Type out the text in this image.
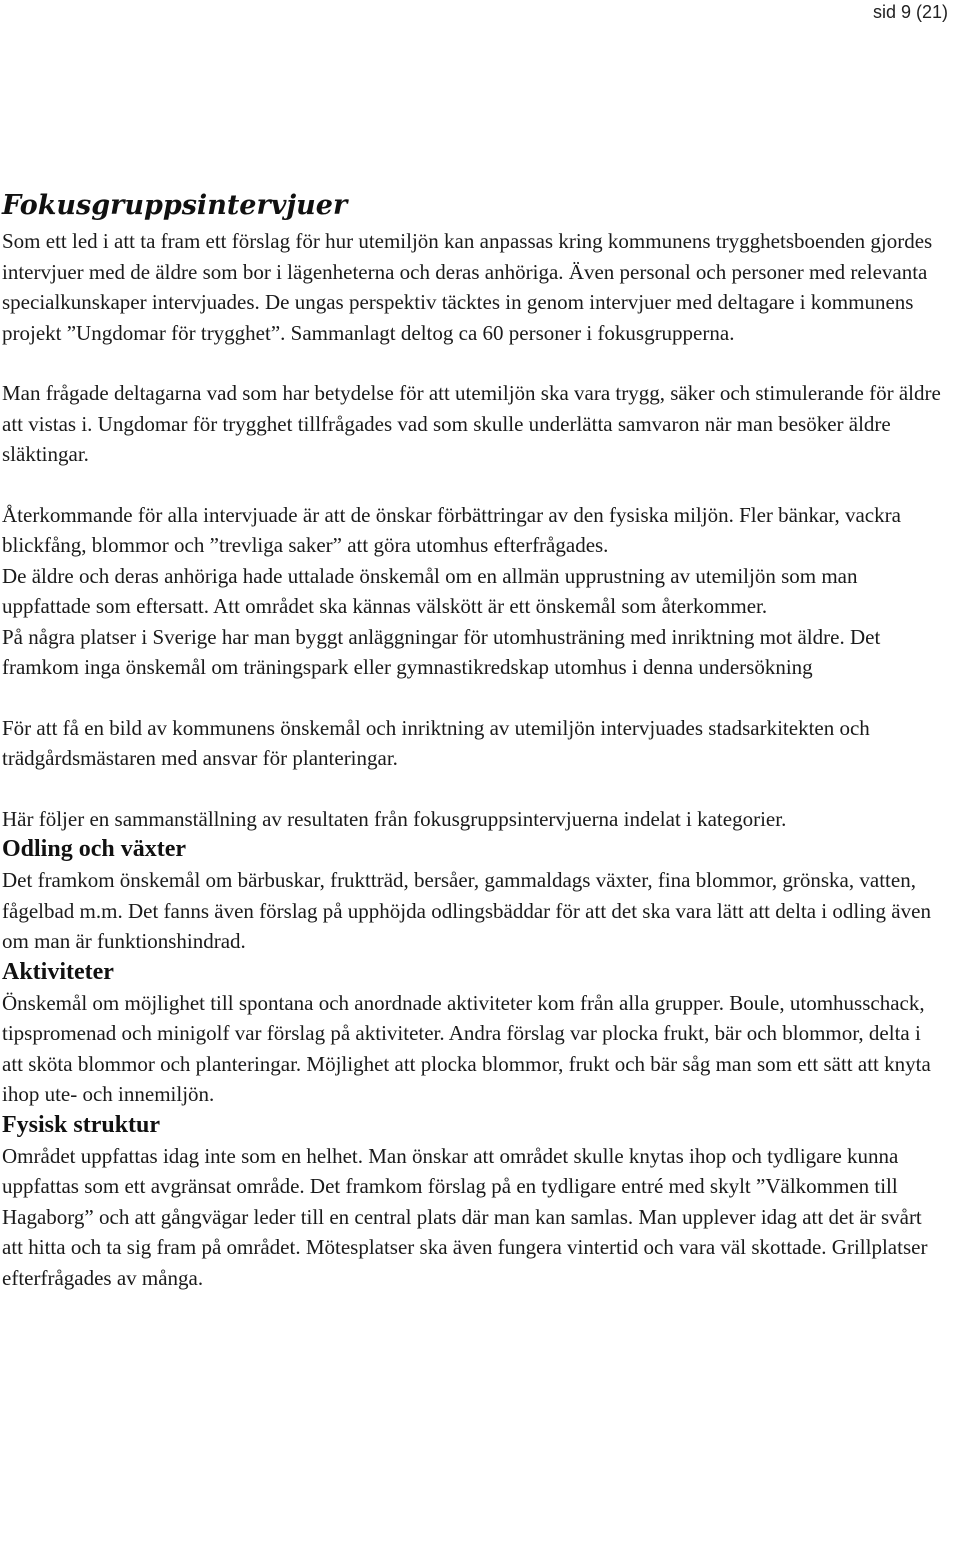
sid 9 (21)
Fokusgruppsintervjuer

Som ett led i att ta fram ett förslag för hur utemiljön kan anpassas kring kommunens trygghetsboenden gjordes intervjuer med de äldre som bor i lägenheterna och deras anhöriga. Även personal och personer med relevanta specialkunskaper intervjuades. De ungas perspektiv täcktes in genom intervjuer med deltagare i kommunens projekt ”Ungdomar för trygghet”. Sammanlagt deltog ca 60 personer i fokusgrupperna.

Man frågade deltagarna vad som har betydelse för att utemiljön ska vara trygg, säker och stimulerande för äldre att vistas i. Ungdomar för trygghet tillfrågades vad som skulle underlätta samvaron när man besöker äldre släktingar.

Återkommande för alla intervjuade är att de önskar förbättringar av den fysiska miljön. Fler bänkar, vackra blickfång, blommor och ”trevliga saker” att göra utomhus efterfrågades.

De äldre och deras anhöriga hade uttalade önskemål om en allmän upprustning av utemiljön som man uppfattade som eftersatt. Att området ska kännas välskött är ett önskemål som återkommer.

På några platser i Sverige har man byggt anläggningar för utomhusträning med inriktning mot äldre. Det framkom inga önskemål om träningspark eller gymnastikredskap utomhus i denna undersökning

För att få en bild av kommunens önskemål och inriktning av utemiljön intervjuades stadsarkitekten och trädgårdsmästaren med ansvar för planteringar.

Här följer en sammanställning av resultaten från fokusgruppsintervjuerna indelat i kategorier.

Odling och växter

Det framkom önskemål om bärbuskar, fruktträd, bersåer, gammaldags växter, fina blommor, grönska, vatten, fågelbad m.m. Det fanns även förslag på upphöjda odlingsbäddar för att det ska vara lätt att delta i odling även om man är funktionshindrad.

Aktiviteter

Önskemål om möjlighet till spontana och anordnade aktiviteter kom från alla grupper. Boule, utomhusschack, tipspromenad och minigolf var förslag på aktiviteter. Andra förslag var plocka frukt, bär och blommor, delta i att sköta blommor och planteringar. Möjlighet att plocka blommor, frukt och bär såg man som ett sätt att knyta ihop ute- och innemiljön.

Fysisk struktur

Området uppfattas idag inte som en helhet. Man önskar att området skulle knytas ihop och tydligare kunna uppfattas som ett avgränsat område. Det framkom förslag på en tydligare entré med skylt ”Välkommen till Hagaborg” och att gångvägar leder till en central plats där man kan samlas. Man upplever idag att det är svårt att hitta och ta sig fram på området. Mötesplatser ska även fungera vintertid och vara väl skottade. Grillplatser efterfrågades av många.
